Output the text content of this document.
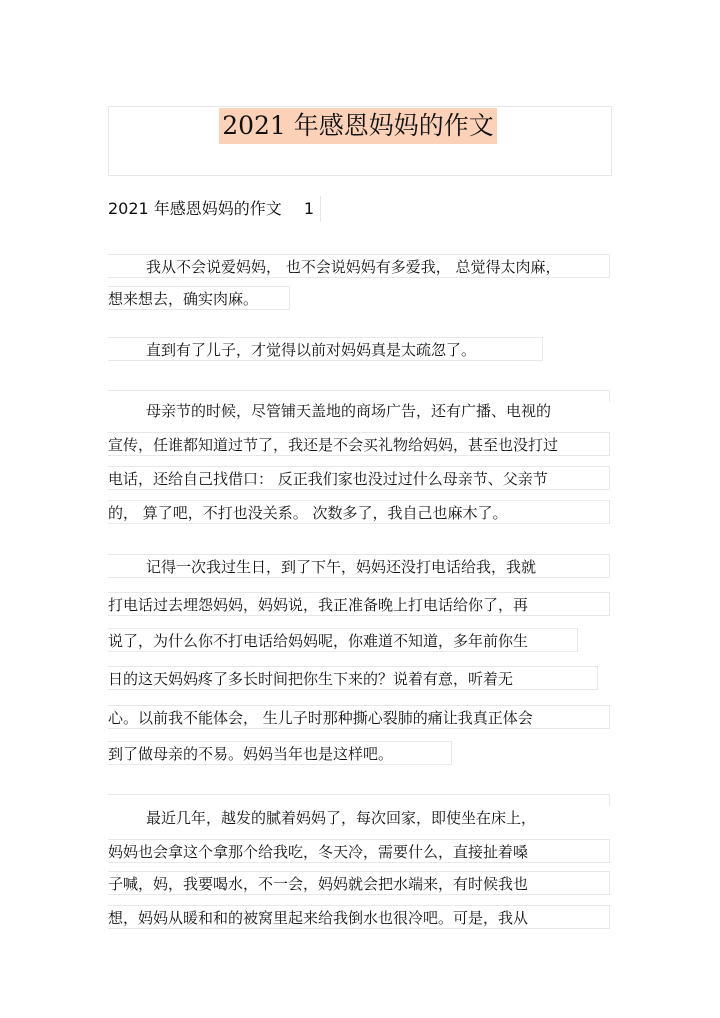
2021 年感恩妈妈的作文
2021 年感恩妈妈的作文 1
我从不会说爱妈妈， 也不会说妈妈有多爱我， 总觉得太肉麻，
想来想去，确实肉麻。
直到有了儿子，才觉得以前对妈妈真是太疏忽了。
母亲节的时候，尽管铺天盖地的商场广告，还有广播、电视的
宣传，任谁都知道过节了，我还是不会买礼物给妈妈，甚至也没打过
电话，还给自己找借口： 反正我们家也没过过什么母亲节、父亲节
的， 算了吧，不打也没关系。 次数多了，我自己也麻木了。
记得一次我过生日，到了下午，妈妈还没打电话给我，我就
打电话过去埋怨妈妈，妈妈说，我正准备晚上打电话给你了，再
说了，为什么你不打电话给妈妈呢，你难道不知道，多年前你生
日的这天妈妈疼了多长时间把你生下来的？说着有意，听着无
心。以前我不能体会， 生儿子时那种撕心裂肺的痛让我真正体会
到了做母亲的不易。妈妈当年也是这样吧。
最近几年，越发的腻着妈妈了，每次回家，即使坐在床上，
妈妈也会拿这个拿那个给我吃，冬天冷，需要什么，直接扯着嗓
子喊，妈，我要喝水，不一会，妈妈就会把水端来，有时候我也
想，妈妈从暖和和的被窝里起来给我倒水也很冷吧。可是，我从
